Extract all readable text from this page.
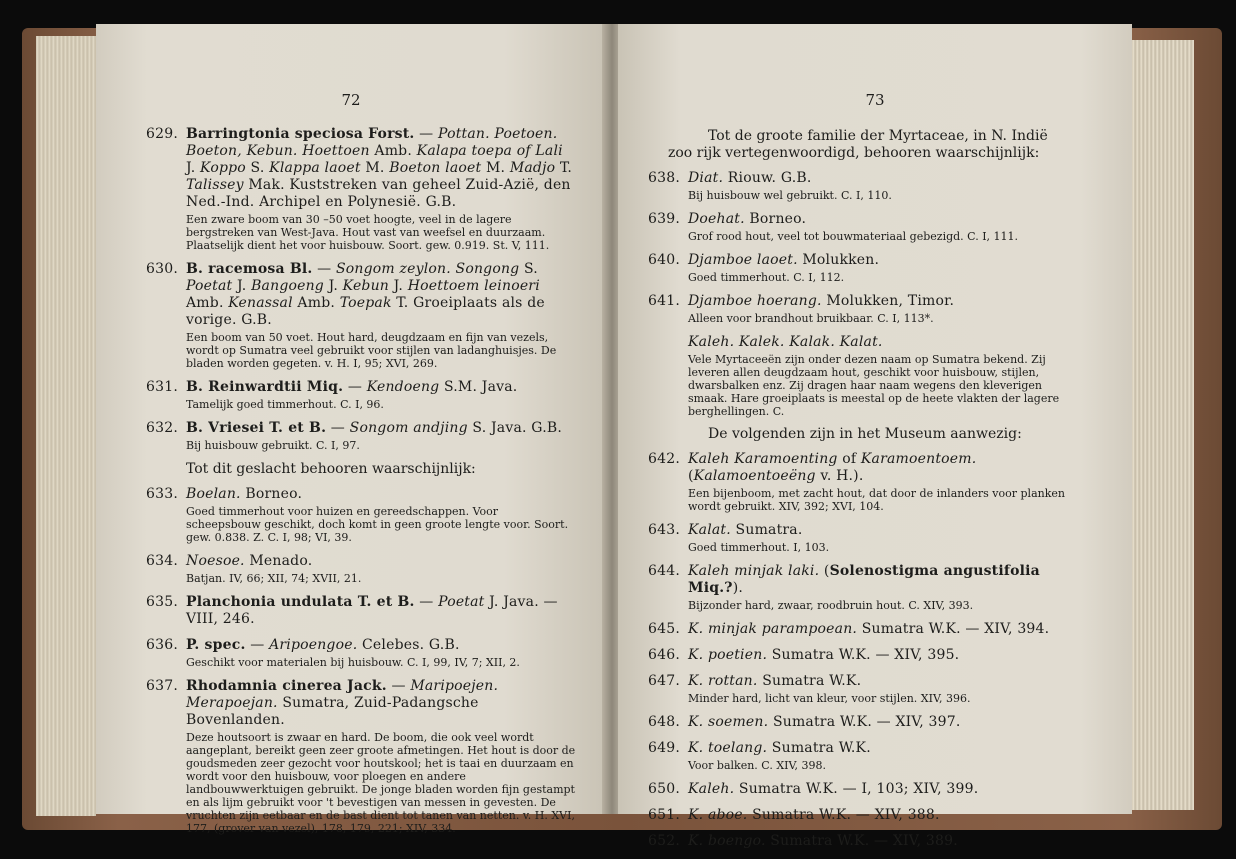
72
629. Barringtonia speciosa Forst. — Pottan. Poetoen. Boeton, Kebun. Hoettoen Amb. Kalapa toepa of Lali J. Koppo S. Klappa laoet M. Boeton laoet M. Madjo T. Talissey Mak. Kuststreken van geheel Zuid-Azië, den Ned.-Ind. Archipel en Polynesië. G.B.
Een zware boom van 30 –50 voet hoogte, veel in de lagere bergstreken van West-Java. Hout vast van weefsel en duurzaam. Plaatselijk dient het voor huisbouw. Soort. gew. 0.919. St. V, 111.
630. B. racemosa Bl. — Songom zeylon. Songong S. Poetat J. Bangoeng J. Kebun J. Hoettoem leinoeri Amb. Kenassal Amb. Toepak T. Groeiplaats als de vorige. G.B.
Een boom van 50 voet. Hout hard, deugdzaam en fijn van vezels, wordt op Sumatra veel gebruikt voor stijlen van ladanghuisjes. De bladen worden gegeten. v. H. I, 95; XVI, 269.
631. B. Reinwardtii Miq. — Kendoeng S.M. Java.
Tamelijk goed timmerhout. C. I, 96.
632. B. Vriesei T. et B. — Songom andjing S. Java. G.B.
Bij huisbouw gebruikt. C. I, 97.
Tot dit geslacht behooren waarschijnlijk:
633. Boelan. Borneo.
Goed timmerhout voor huizen en gereedschappen. Voor scheepsbouw geschikt, doch komt in geen groote lengte voor. Soort. gew. 0.838. Z. C. I, 98; VI, 39.
634. Noesoe. Menado.
Batjan. IV, 66; XII, 74; XVII, 21.
635. Planchonia undulata T. et B. — Poetat J. Java. — VIII, 246.
636. P. spec. — Aripoengoe. Celebes. G.B.
Geschikt voor materialen bij huisbouw. C. I, 99, IV, 7; XII, 2.
637. Rhodamnia cinerea Jack. — Maripoejen. Merapoejan. Sumatra, Zuid-Padangsche Bovenlanden.
Deze houtsoort is zwaar en hard. De boom, die ook veel wordt aangeplant, bereikt geen zeer groote afmetingen. Het hout is door de goudsmeden zeer gezocht voor houtskool; het is taai en duurzaam en wordt voor den huisbouw, voor ploegen en andere landbouwwerktuigen gebruikt. De jonge bladen worden fijn gestampt en als lijm gebruikt voor 't bevestigen van messen in gevesten. De vruchten zijn eetbaar en de bast dient tot tanen van netten. v. H. XVI, 177, (grover van vezel), 178, 179, 221; XIV, 334.
73
Tot de groote familie der Myrtaceae, in N. Indië zoo rijk vertegenwoordigd, behooren waarschijnlijk:
638. Diat. Riouw. G.B.
Bij huisbouw wel gebruikt. C. I, 110.
639. Doehat. Borneo.
Grof rood hout, veel tot bouwmateriaal gebezigd. C. I, 111.
640. Djamboe laoet. Molukken.
Goed timmerhout. C. I, 112.
641. Djamboe hoerang. Molukken, Timor.
Alleen voor brandhout bruikbaar. C. I, 113*.
Kaleh. Kalek. Kalak. Kalat.
Vele Myrtaceeën zijn onder dezen naam op Sumatra bekend. Zij leveren allen deugdzaam hout, geschikt voor huisbouw, stijlen, dwarsbalken enz. Zij dragen haar naam wegens den kleverigen smaak. Hare groeiplaats is meestal op de heete vlakten der lagere berghellingen. C.
De volgenden zijn in het Museum aanwezig:
642. Kaleh Karamoenting of Karamoentoem. (Kalamoentoeëng v. H.).
Een bijenboom, met zacht hout, dat door de inlanders voor planken wordt gebruikt. XIV, 392; XVI, 104.
643. Kalat. Sumatra.
Goed timmerhout. I, 103.
644. Kaleh minjak laki. (Solenostigma angustifolia Miq.?).
Bijzonder hard, zwaar, roodbruin hout. C. XIV, 393.
645. K. minjak parampoean. Sumatra W.K. — XIV, 394.
646. K. poetien. Sumatra W.K. — XIV, 395.
647. K. rottan. Sumatra W.K.
Minder hard, licht van kleur, voor stijlen. XIV, 396.
648. K. soemen. Sumatra W.K. — XIV, 397.
649. K. toelang. Sumatra W.K.
Voor balken. C. XIV, 398.
650. Kaleh. Sumatra W.K. — I, 103; XIV, 399.
651. K. aboe. Sumatra W.K. — XIV, 388.
652. K. boengo. Sumatra W.K. — XIV, 389.
